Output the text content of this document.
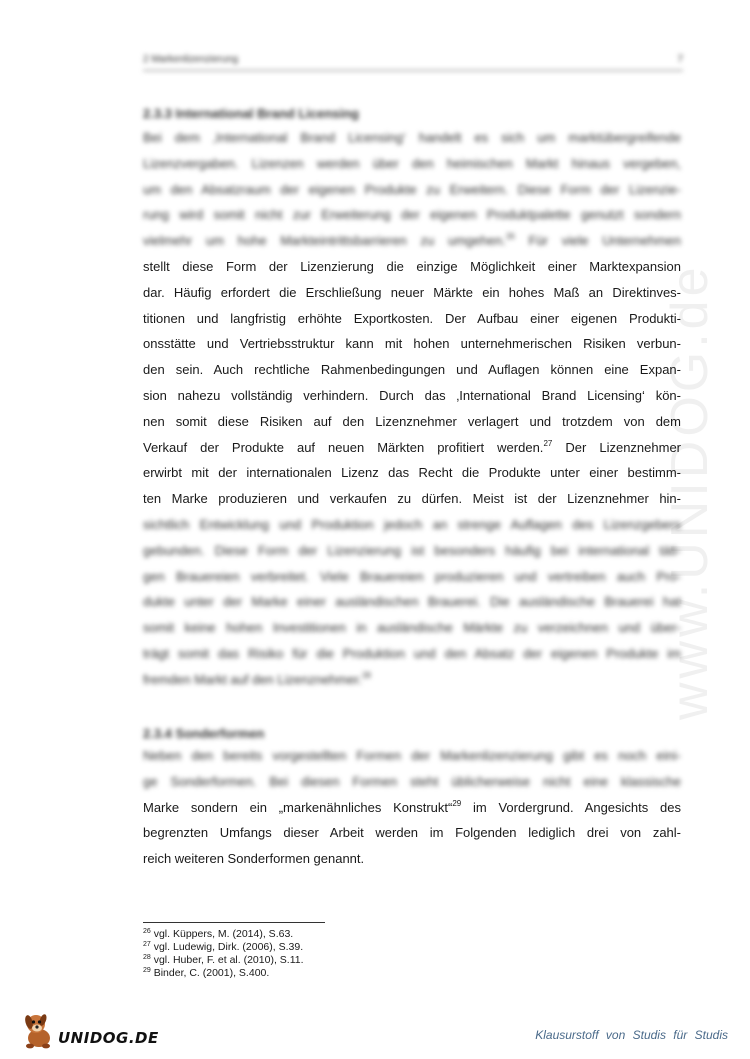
2 Markenlizenzierung	7
www.UNIDOG.de
2.3.3 International Brand Licensing
Bei dem ‚International Brand Licensing‘ handelt es sich um marktübergreifende
Lizenzvergaben. Lizenzen werden über den heimischen Markt hinaus vergeben,
um den Absatzraum der eigenen Produkte zu Erweitern. Diese Form der Lizenzie-
rung wird somit nicht zur Erweiterung der eigenen Produktpalette genutzt sondern
vielmehr um hohe Markteintrittsbarrieren zu umgehen.$^{26}$ Für viele Unternehmen
stellt diese Form der Lizenzierung die einzige Möglichkeit einer Marktexpansion
dar. Häufig erfordert die Erschließung neuer Märkte ein hohes Maß an Direktinves-
titionen und langfristig erhöhte Exportkosten. Der Aufbau einer eigenen Produkti-
onsstätte und Vertriebsstruktur kann mit hohen unternehmerischen Risiken verbun-
den sein. Auch rechtliche Rahmenbedingungen und Auflagen können eine Expan-
sion nahezu vollständig verhindern. Durch das ‚International Brand Licensing‘ kön-
nen somit diese Risiken auf den Lizenznehmer verlagert und trotzdem von dem
Verkauf der Produkte auf neuen Märkten profitiert werden.$^{27}$ Der Lizenznehmer
erwirbt mit der internationalen Lizenz das Recht die Produkte unter einer bestimm-
ten Marke produzieren und verkaufen zu dürfen. Meist ist der Lizenznehmer hin-
sichtlich Entwicklung und Produktion jedoch an strenge Auflagen des Lizenzgebers
gebunden. Diese Form der Lizenzierung ist besonders häufig bei international täti-
gen Brauereien verbreitet. Viele Brauereien produzieren und vertreiben auch Pro-
dukte unter der Marke einer ausländischen Brauerei. Die ausländische Brauerei hat
somit keine hohen Investitionen in ausländische Märkte zu verzeichnen und über-
trägt somit das Risiko für die Produktion und den Absatz der eigenen Produkte im
fremden Markt auf den Lizenznehmer.$^{28}$
2.3.4 Sonderformen
Neben den bereits vorgestellten Formen der Markenlizenzierung gibt es noch eini-
ge Sonderformen. Bei diesen Formen steht üblicherweise nicht eine klassische
Marke sondern ein „markenähnliches Konstrukt“$^{29}$ im Vordergrund. Angesichts des
begrenzten Umfangs dieser Arbeit werden im Folgenden lediglich drei von zahl-
reich weiteren Sonderformen genannt.
$^{26}$ vgl. Küppers, M. (2014), S.63.
$^{27}$ vgl. Ludewig, Dirk. (2006), S.39.
$^{28}$ vgl. Huber, F. et al. (2010), S.11.
$^{29}$ Binder, C. (2001), S.400.
UNIDOG.DE	Klausurstoff von Studis für Studis
